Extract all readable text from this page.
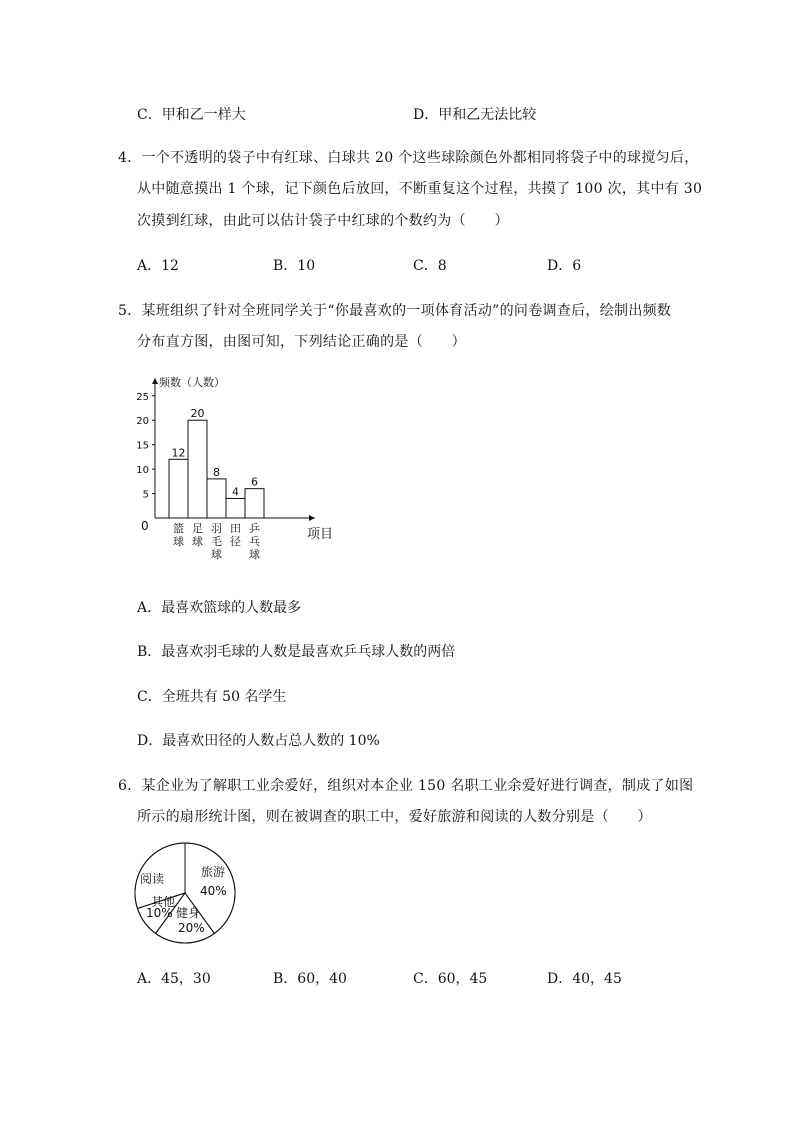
C．甲和乙一样大	D．甲和乙无法比较
4．一个不透明的袋子中有红球、白球共 20 个这些球除颜色外都相同将袋子中的球搅匀后，
从中随意摸出 1 个球，记下颜色后放回，不断重复这个过程，共摸了 100 次，其中有 30
次摸到红球，由此可以估计袋子中红球的个数约为（　　）
A．12	B．10	C．8	D．6
5．某班组织了针对全班同学关于“你最喜欢的一项体育活动”的问卷调查后，绘制出频数
分布直方图，由图可知，下列结论正确的是（　　）
5
10
15
20
25
12
篮球
20
足球
8
羽毛球
4
田径
6
乒乓球
频数（人数）
项目
0
A．最喜欢篮球的人数最多
B．最喜欢羽毛球的人数是最喜欢乒乓球人数的两倍
C．全班共有 50 名学生
D．最喜欢田径的人数占总人数的 10%
6．某企业为了解职工业余爱好，组织对本企业 150 名职工业余爱好进行调查，制成了如图
所示的扇形统计图，则在被调查的职工中，爱好旅游和阅读的人数分别是（　　）
阅读	旅游
40%
其他
10% 健身
20%
A．45，30	B．60，40	C．60，45	D．40，45
